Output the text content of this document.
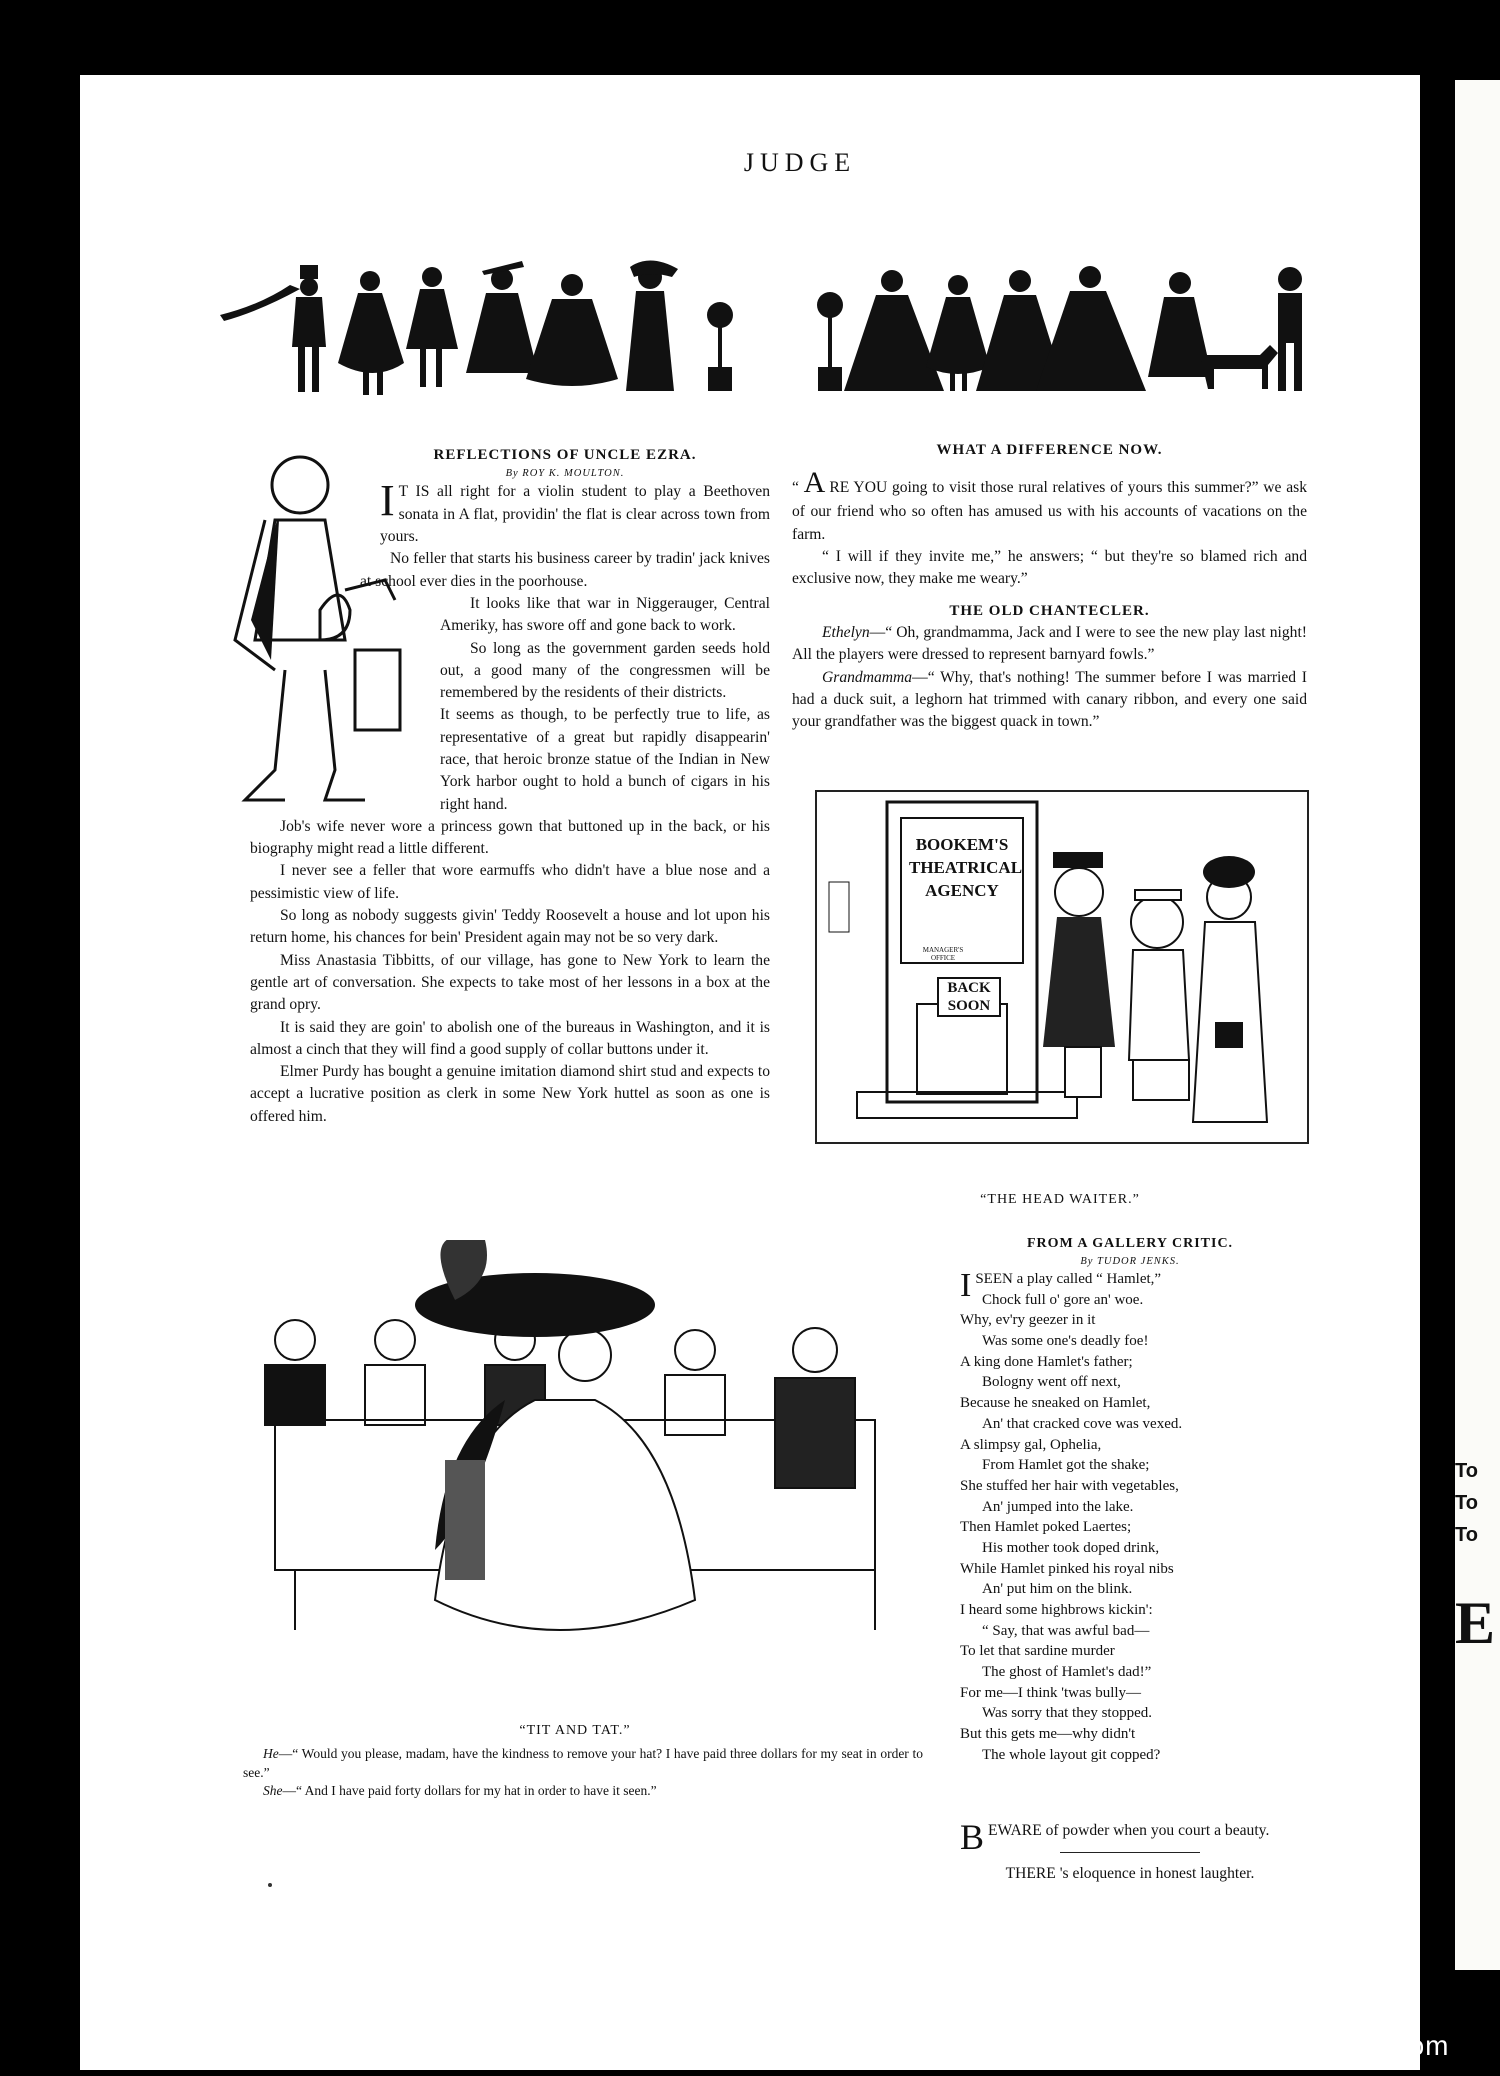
To
To
To
E
JUDGE
REFLECTIONS OF UNCLE EZRA.

By ROY K. MOULTON.

I T IS all right for a violin student to play a Beethoven sonata in A flat, providin' the flat is clear across town from yours.

No feller that starts his business career by tradin' jack knives at school ever dies in the poorhouse.

It looks like that war in Niggerauger, Central Ameriky, has swore off and gone back to work.

So long as the government garden seeds hold out, a good many of the congressmen will be remembered by the residents of their districts.

It seems as though, to be perfectly true to life, as representative of a great but rapidly disappearin' race, that heroic bronze statue of the Indian in New York harbor ought to hold a bunch of cigars in his right hand.

Job's wife never wore a princess gown that buttoned up in the back, or his biography might read a little different.

I never see a feller that wore earmuffs who didn't have a blue nose and a pessimistic view of life.

So long as nobody suggests givin' Teddy Roosevelt a house and lot upon his return home, his chances for bein' President again may not be so very dark.

Miss Anastasia Tibbitts, of our village, has gone to New York to learn the gentle art of conversation. She expects to take most of her lessons in a box at the grand opry.

It is said they are goin' to abolish one of the bureaus in Washington, and it is almost a cinch that they will find a good supply of collar buttons under it.

Elmer Purdy has bought a genuine imitation diamond shirt stud and expects to accept a lucrative position as clerk in some New York huttel as soon as one is offered him.

WHAT A DIFFERENCE NOW.

“ A RE YOU going to visit those rural relatives of yours this summer?” we ask of our friend who so often has amused us with his accounts of vacations on the farm.

“ I will if they invite me,” he answers; “ but they're so blamed rich and exclusive now, they make me weary.”

THE OLD CHANTECLER.

Ethelyn—“ Oh, grandmamma, Jack and I were to see the new play last night! All the players were dressed to represent barnyard fowls.”

Grandmamma—“ Why, that's nothing! The summer before I was married I had a duck suit, a leghorn hat trimmed with canary ribbon, and every one said your grandfather was the biggest quack in town.”

BOOKEM'S
THEATRICAL
AGENCY
MANAGER'S OFFICE
BACK
SOON
“THE HEAD WAITER.”
FROM A GALLERY CRITIC.

By TUDOR JENKS.

ISEEN a play called “ Hamlet,”
Chock full o' gore an' woe.
Why, ev'ry geezer in it
Was some one's deadly foe!
A king done Hamlet's father;
Bologny went off next,
Because he sneaked on Hamlet,
An' that cracked cove was vexed.
A slimpsy gal, Ophelia,
From Hamlet got the shake;
She stuffed her hair with vegetables,
An' jumped into the lake.
Then Hamlet poked Laertes;
His mother took doped drink,
While Hamlet pinked his royal nibs
An' put him on the blink.
I heard some highbrows kickin':
“ Say, that was awful bad—
To let that sardine murder
The ghost of Hamlet's dad!”
For me—I think 'twas bully—
Was sorry that they stopped.
But this gets me—why didn't
The whole layout git copped?

BEWARE of powder when you court a beauty.

THERE 's eloquence in honest laughter.

“TIT AND TAT.”

He—“ Would you please, madam, have the kindness to remove your hat? I have paid three dollars for my seat in order to see.”

She—“ And I have paid forty dollars for my hat in order to have it seen.”

comicbooks.com
